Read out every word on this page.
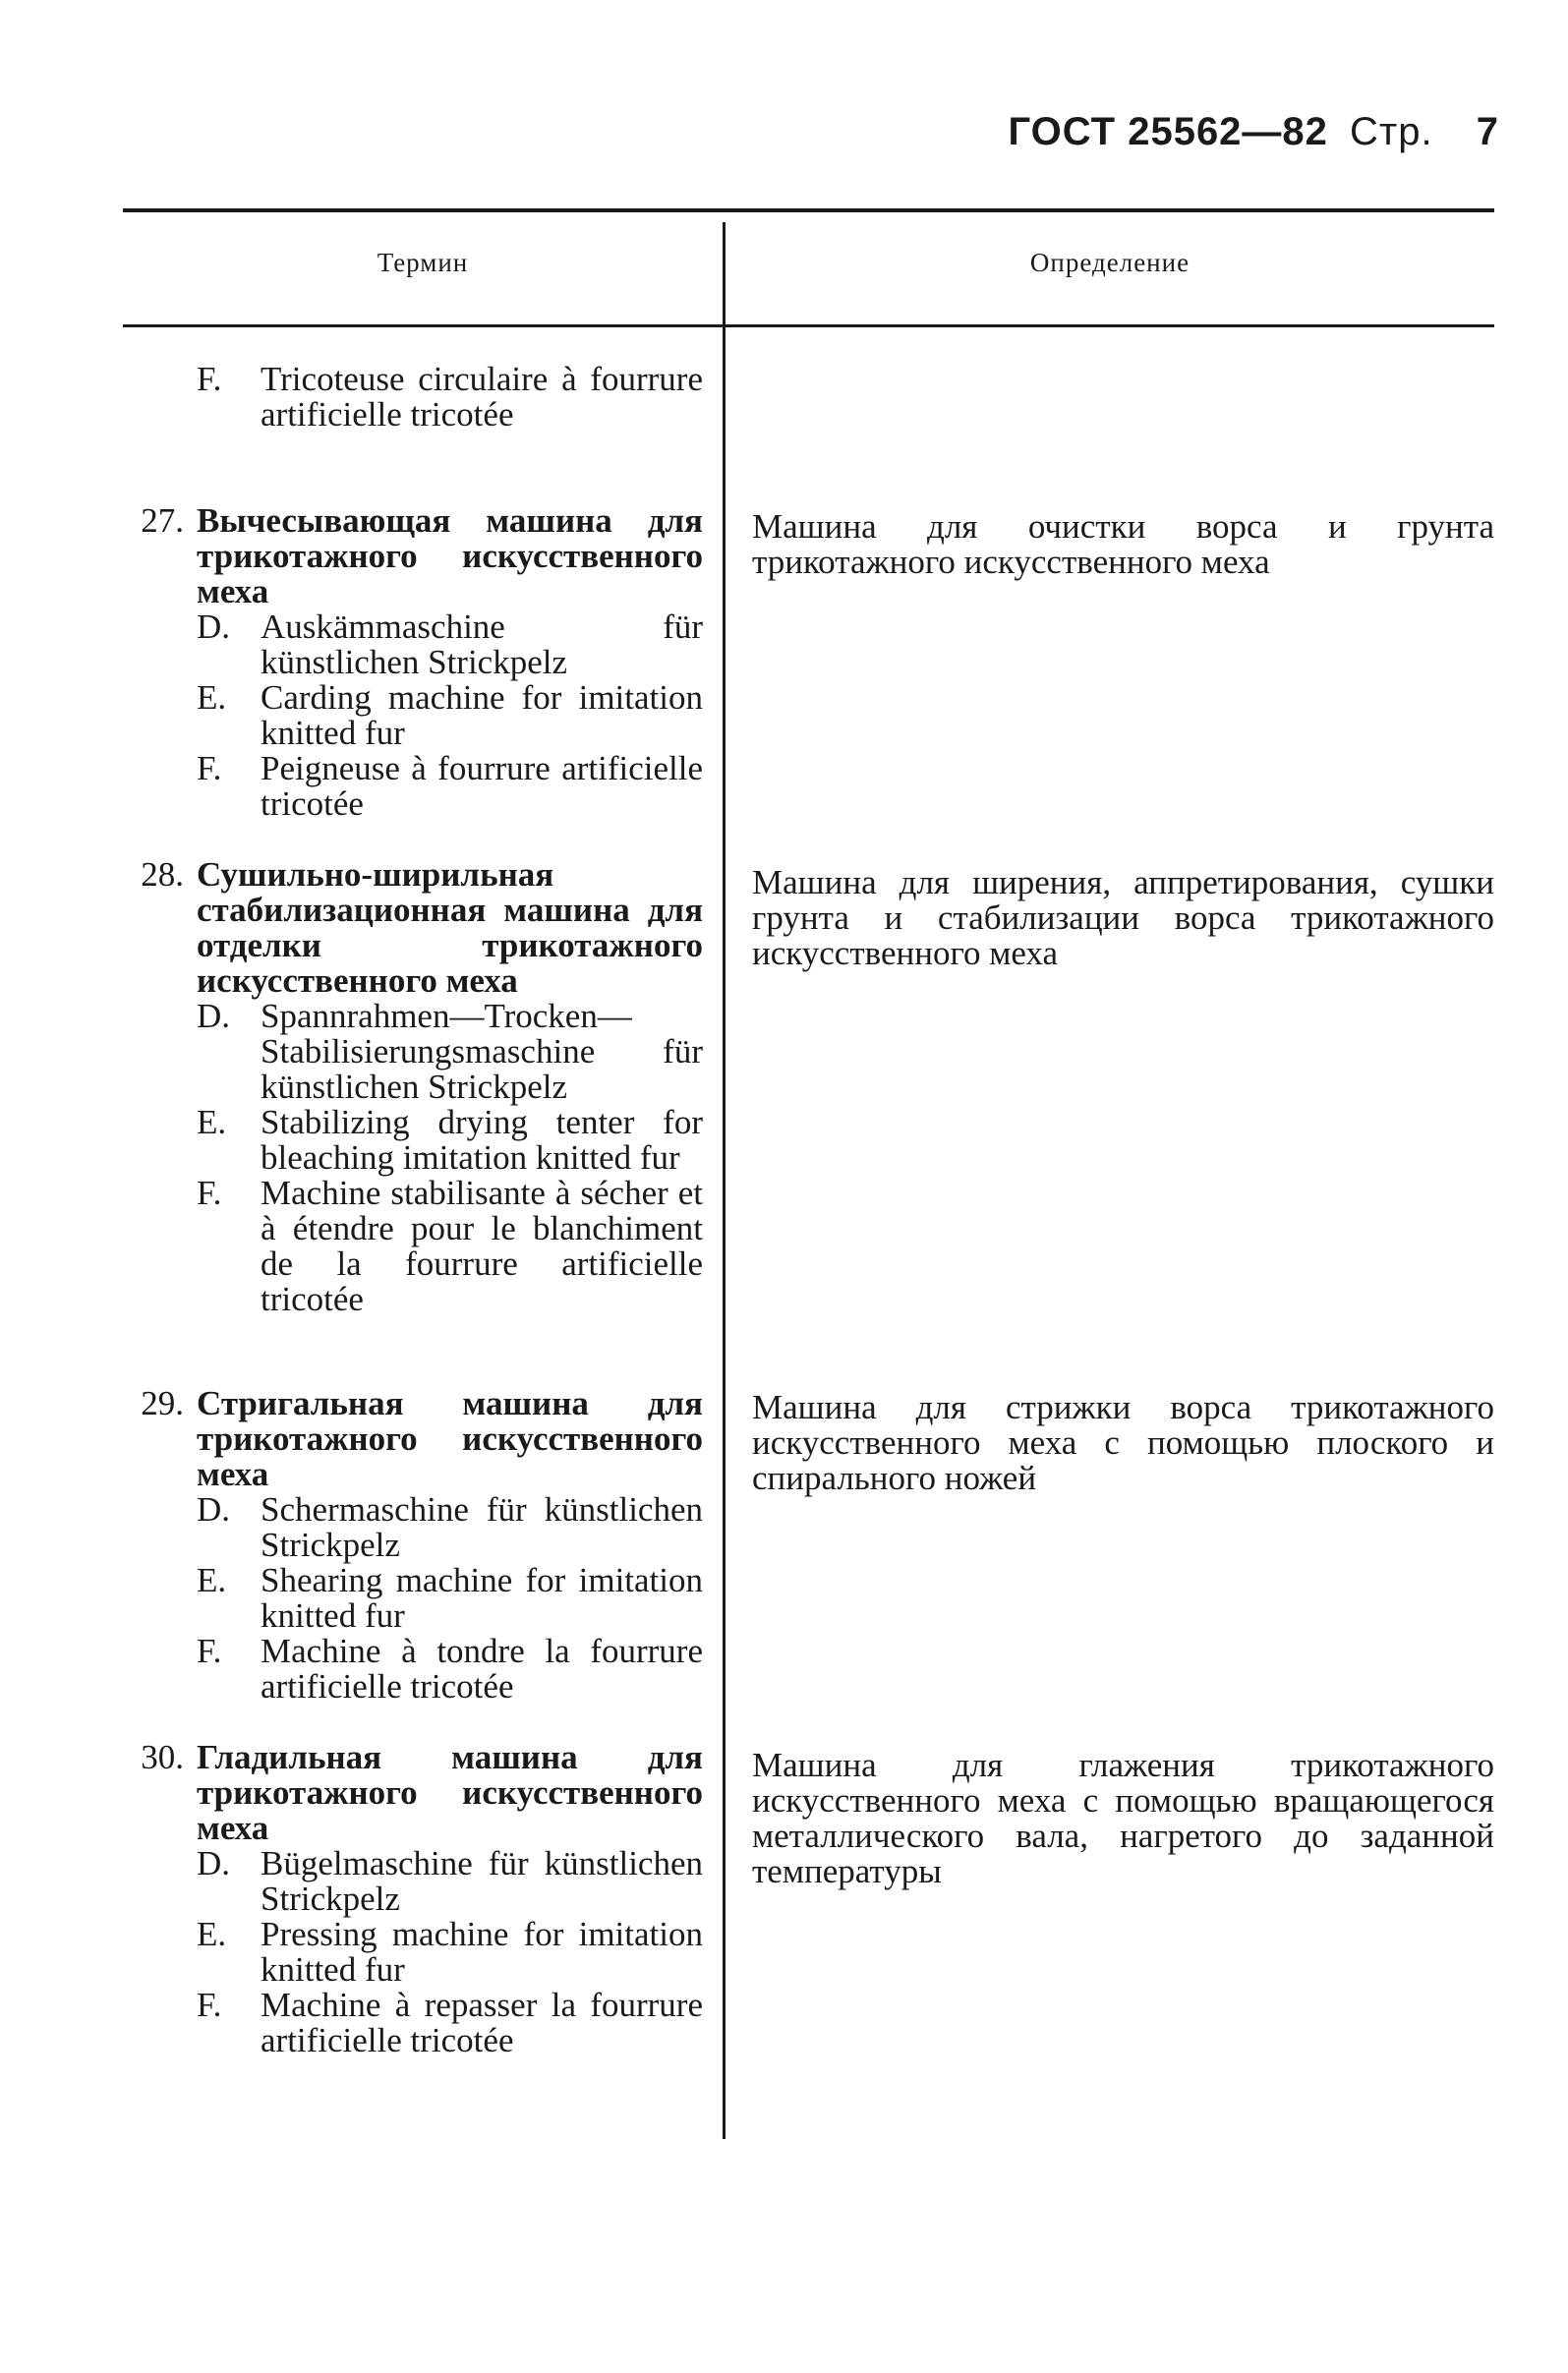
ГОСТ 25562—82 Стр. 7
Термин	Определение
F. Tricoteuse circulaire à fourrure artificielle tricotée
27. Вычесывающая машина для трикотажного искусственного меха
D. Auskämmaschine für künstlichen Strickpelz
E. Carding machine for imitation knitted fur
F. Peigneuse à fourrure artificielle tricotée
Машина для очистки ворса и грунта трикотажного искусственного меха
28. Сушильно-ширильная стабилизационная машина для отделки трикотажного искусственного меха
D. Spannrahmen—Trocken—Stabilisierungsmaschine für künstlichen Strickpelz
E. Stabilizing drying tenter for bleaching imitation knitted fur
F. Machine stabilisante à sécher et à étendre pour le blanchiment de la fourrure artificielle tricotée
Машина для ширения, аппретирования, сушки грунта и стабилизации ворса трикотажного искусственного меха
29. Стригальная машина для трикотажного искусственного меха
D. Schermaschine für künstlichen Strickpelz
E. Shearing machine for imitation knitted fur
F. Machine à tondre la fourrure artificielle tricotée
Машина для стрижки ворса трикотажного искусственного меха с помощью плоского и спирального ножей
30. Гладильная машина для трикотажного искусственного меха
D. Bügelmaschine für künstlichen Strickpelz
E. Pressing machine for imitation knitted fur
F. Machine à repasser la fourrure artificielle tricotée
Машина для глажения трикотажного искусственного меха с помощью вращающегося металлического вала, нагретого до заданной температуры
